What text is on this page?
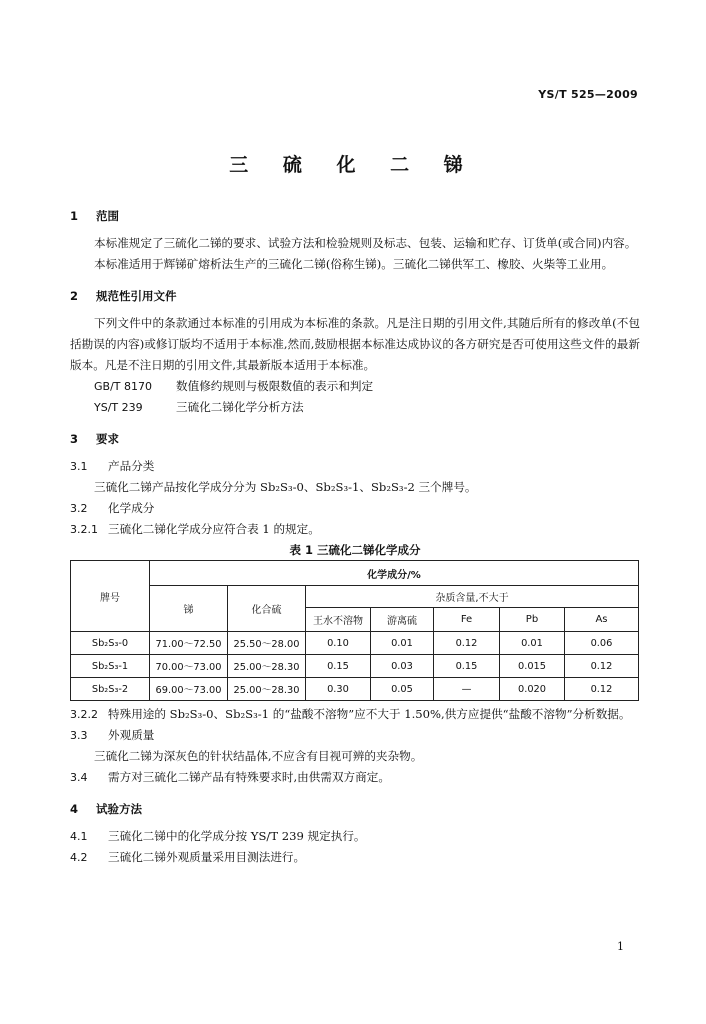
YS/T 525—2009
三 硫 化 二 锑

1 范围

本标准规定了三硫化二锑的要求、试验方法和检验规则及标志、包装、运输和贮存、订货单(或合同)内容。

本标准适用于辉锑矿熔析法生产的三硫化二锑(俗称生锑)。三硫化二锑供军工、橡胶、火柴等工业用。

2 规范性引用文件

下列文件中的条款通过本标准的引用成为本标准的条款。凡是注日期的引用文件,其随后所有的修改单(不包括勘误的内容)或修订版均不适用于本标准,然而,鼓励根据本标准达成协议的各方研究是否可使用这些文件的最新版本。凡是不注日期的引用文件,其最新版本适用于本标准。

GB/T 8170 数值修约规则与极限数值的表示和判定

YS/T 239	三硫化二锑化学分析方法

3 要求

3.1 产品分类

三硫化二锑产品按化学成分分为 Sb₂S₃-0、Sb₂S₃-1、Sb₂S₃-2 三个牌号。

3.2 化学成分

3.2.1 三硫化二锑化学成分应符合表 1 的规定。

表 1 三硫化二锑化学成分

牌号	化学成分/%						
	锑	化合硫	杂质含量,不大于				
			王水不溶物	游离硫	Fe	Pb	As
Sb₂S₃-0	71.00～72.50	25.50～28.00	0.10	0.01	0.12	0.01	0.06
Sb₂S₃-1	70.00～73.00	25.00～28.30	0.15	0.03	0.15	0.015	0.12
Sb₂S₃-2	69.00～73.00	25.00～28.30	0.30	0.05	—	0.020	0.12

3.2.2 特殊用途的 Sb₂S₃-0、Sb₂S₃-1 的“盐酸不溶物”应不大于 1.50%,供方应提供“盐酸不溶物”分析数据。

3.3 外观质量

三硫化二锑为深灰色的针状结晶体,不应含有目视可辨的夹杂物。

3.4 需方对三硫化二锑产品有特殊要求时,由供需双方商定。

4 试验方法

4.1 三硫化二锑中的化学成分按 YS/T 239 规定执行。

4.2 三硫化二锑外观质量采用目测法进行。

1
